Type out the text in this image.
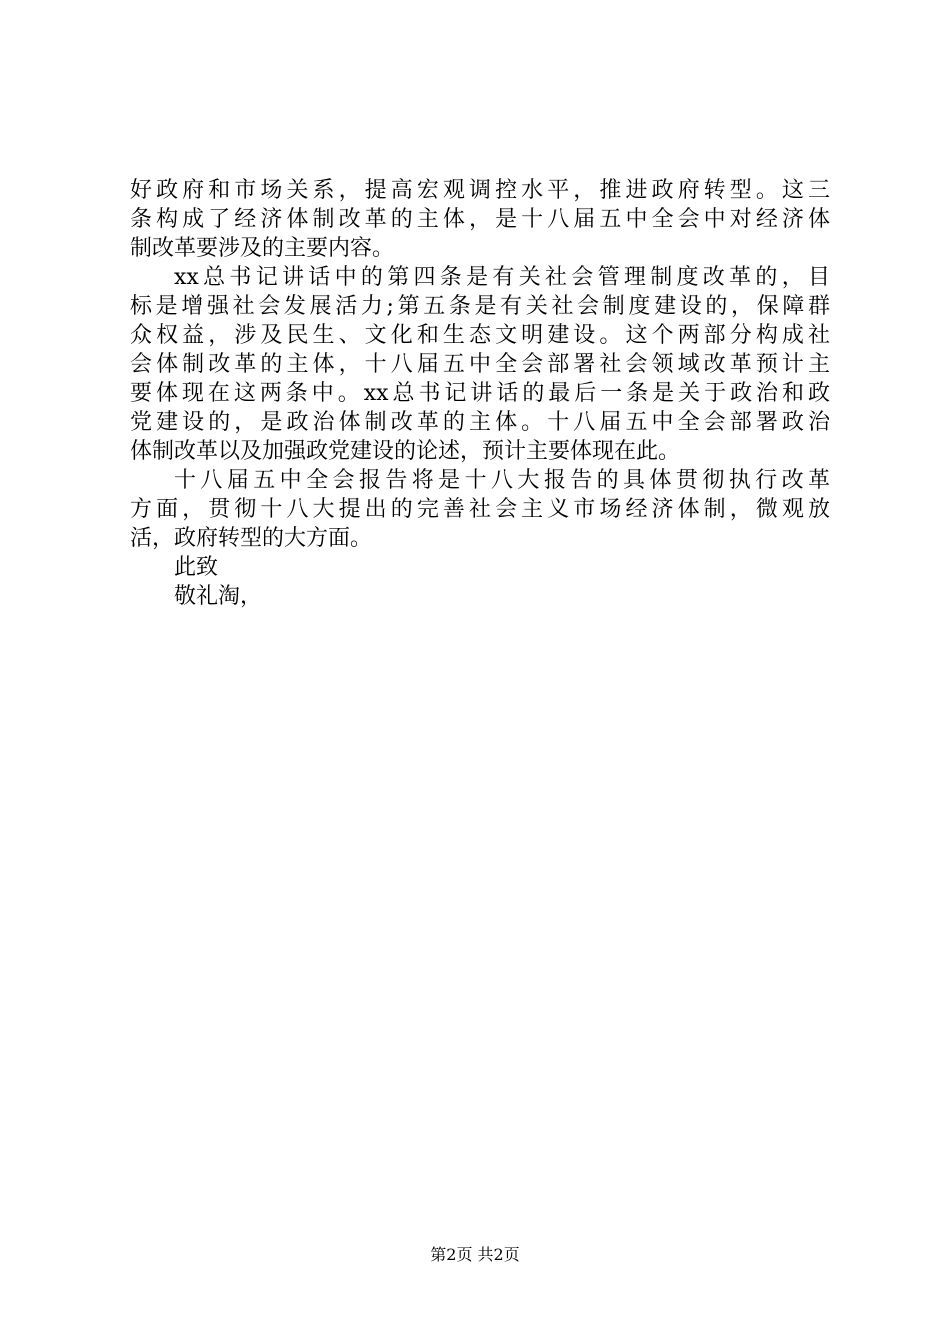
好政府和市场关系，提高宏观调控水平，推进政府转型。这三
条构成了经济体制改革的主体，是十八届五中全会中对经济体
制改革要涉及的主要内容。
xx总书记讲话中的第四条是有关社会管理制度改革的，目
标是增强社会发展活力;第五条是有关社会制度建设的，保障群
众权益，涉及民生、文化和生态文明建设。这个两部分构成社
会体制改革的主体，十八届五中全会部署社会领域改革预计主
要体现在这两条中。xx总书记讲话的最后一条是关于政治和政
党建设的，是政治体制改革的主体。十八届五中全会部署政治
体制改革以及加强政党建设的论述，预计主要体现在此。
十八届五中全会报告将是十八大报告的具体贯彻执行改革
方面，贯彻十八大提出的完善社会主义市场经济体制，微观放
活，政府转型的大方面。
此致
敬礼淘，
第2页 共2页
